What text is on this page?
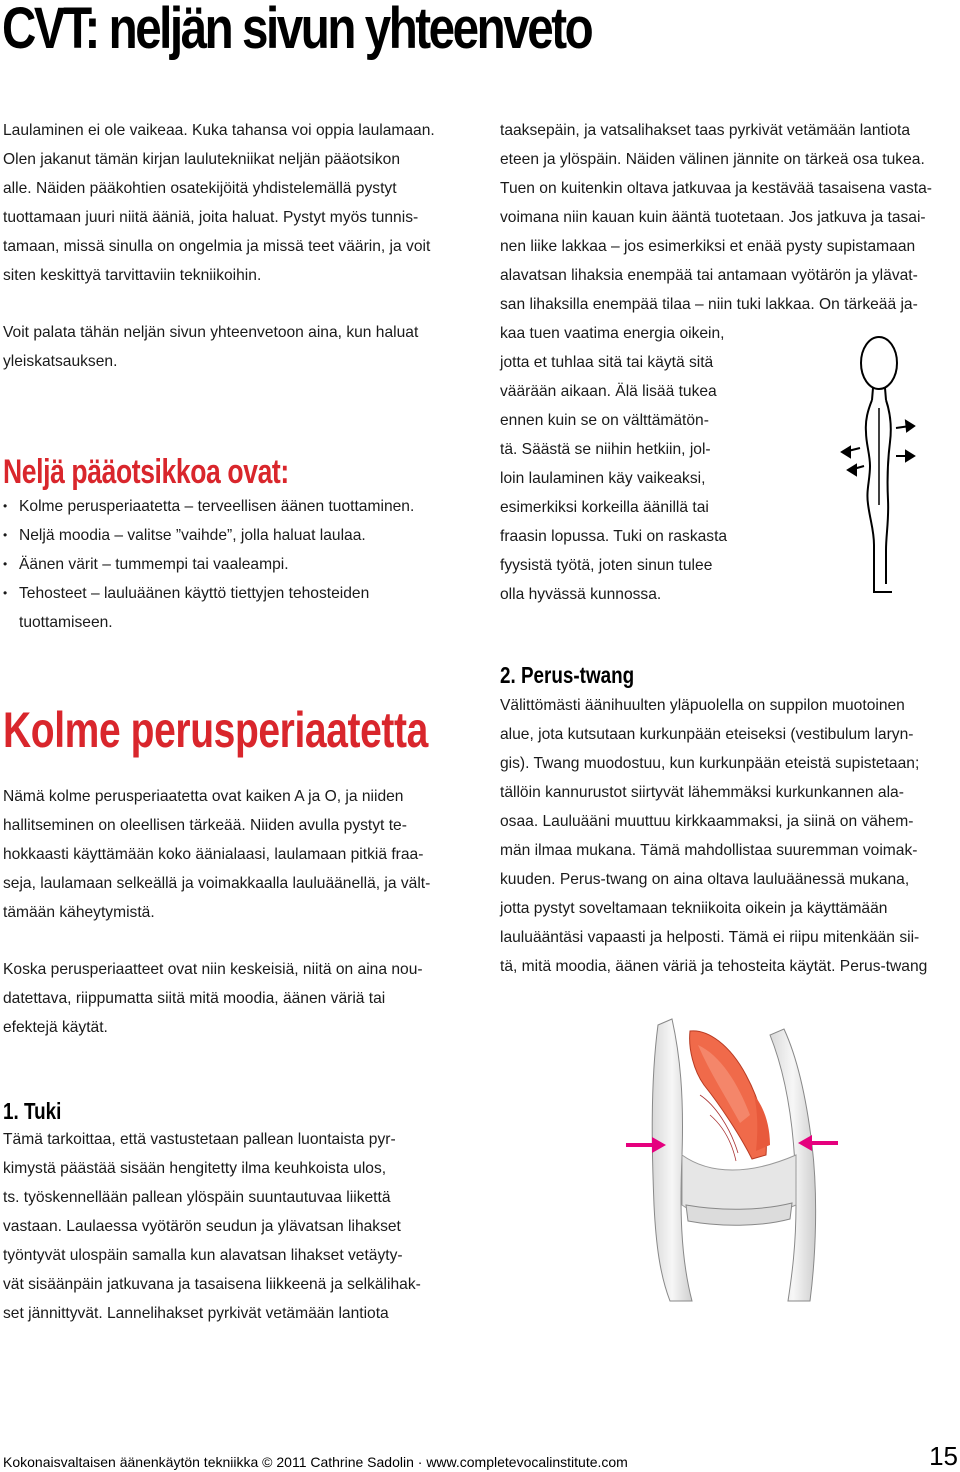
CVT: neljän sivun yhteenveto

Laulaminen ei ole vaikeaa. Kuka tahansa voi oppia laulamaan.

Olen jakanut tämän kirjan laulutekniikat neljän pääotsikon

alle. Näiden pääkohtien osatekijöitä yhdistelemällä pystyt

tuottamaan juuri niitä ääniä, joita haluat. Pystyt myös tunnis-

tamaan, missä sinulla on ongelmia ja missä teet väärin, ja voit

siten keskittyä tarvittaviin tekniikoihin.

Voit palata tähän neljän sivun yhteenvetoon aina, kun haluat

yleiskatsauksen.

Neljä pääotsikkoa ovat:
• Kolme perusperiaatetta – terveellisen äänen tuottaminen.
• Neljä moodia – valitse ”vaihde”, jolla haluat laulaa.
• Äänen värit – tummempi tai vaaleampi.
• Tehosteet – lauluäänen käyttö tiettyjen tehosteiden

tuottamiseen.

Kolme perusperiaatetta

Nämä kolme perusperiaatetta ovat kaiken A ja O, ja niiden

hallitseminen on oleellisen tärkeää. Niiden avulla pystyt te-

hokkaasti käyttämään koko äänialaasi, laulamaan pitkiä fraa-

seja, laulamaan selkeällä ja voimakkaalla lauluäänellä, ja vält-

tämään käheytymistä.

Koska perusperiaatteet ovat niin keskeisiä, niitä on aina nou-

datettava, riippumatta siitä mitä moodia, äänen väriä tai

efektejä käytät.

1. Tuki

Tämä tarkoittaa, että vastustetaan pallean luontaista pyr-

kimystä päästää sisään hengitetty ilma keuhkoista ulos,

ts. työskennellään pallean ylöspäin suuntautuvaa liikettä

vastaan. Laulaessa vyötärön seudun ja ylävatsan lihakset

työntyvät ulospäin samalla kun alavatsan lihakset vetäyty-

vät sisäänpäin jatkuvana ja tasaisena liikkeenä ja selkälihak-

set jännittyvät. Lannelihakset pyrkivät vetämään lantiota

taaksepäin, ja vatsalihakset taas pyrkivät vetämään lantiota

eteen ja ylöspäin. Näiden välinen jännite on tärkeä osa tukea.

Tuen on kuitenkin oltava jatkuvaa ja kestävää tasaisena vasta-

voimana niin kauan kuin ääntä tuotetaan. Jos jatkuva ja tasai-

nen liike lakkaa – jos esimerkiksi et enää pysty supistamaan

alavatsan lihaksia enempää tai antamaan vyötärön ja ylävat-

san lihaksilla enempää tilaa – niin tuki lakkaa. On tärkeää ja-

kaa tuen vaatima energia oikein,

jotta et tuhlaa sitä tai käytä sitä

väärään aikaan. Älä lisää tukea

ennen kuin se on välttämätön-

tä. Säästä se niihin hetkiin, jol-

loin laulaminen käy vaikeaksi,

esimerkiksi korkeilla äänillä tai

fraasin lopussa. Tuki on raskasta

fyysistä työtä, joten sinun tulee

olla hyvässä kunnossa.

2. Perus-twang

Välittömästi äänihuulten yläpuolella on suppilon muotoinen

alue, jota kutsutaan kurkunpään eteiseksi (vestibulum laryn-

gis). Twang muodostuu, kun kurkunpään eteistä supistetaan;

tällöin kannurustot siirtyvät lähemmäksi kurkunkannen ala-

osaa. Lauluääni muuttuu kirkkaammaksi, ja siinä on vähem-

män ilmaa mukana. Tämä mahdollistaa suuremman voimak-

kuuden. Perus-twang on aina oltava lauluäänessä mukana,

jotta pystyt soveltamaan tekniikoita oikein ja käyttämään

lauluääntäsi vapaasti ja helposti. Tämä ei riipu mitenkään sii-

tä, mitä moodia, äänen väriä ja tehosteita käytät. Perus-twang

Kokonaisvaltaisen äänenkäytön tekniikka © 2011 Cathrine Sadolin · www.completevocalinstitute.com	15
